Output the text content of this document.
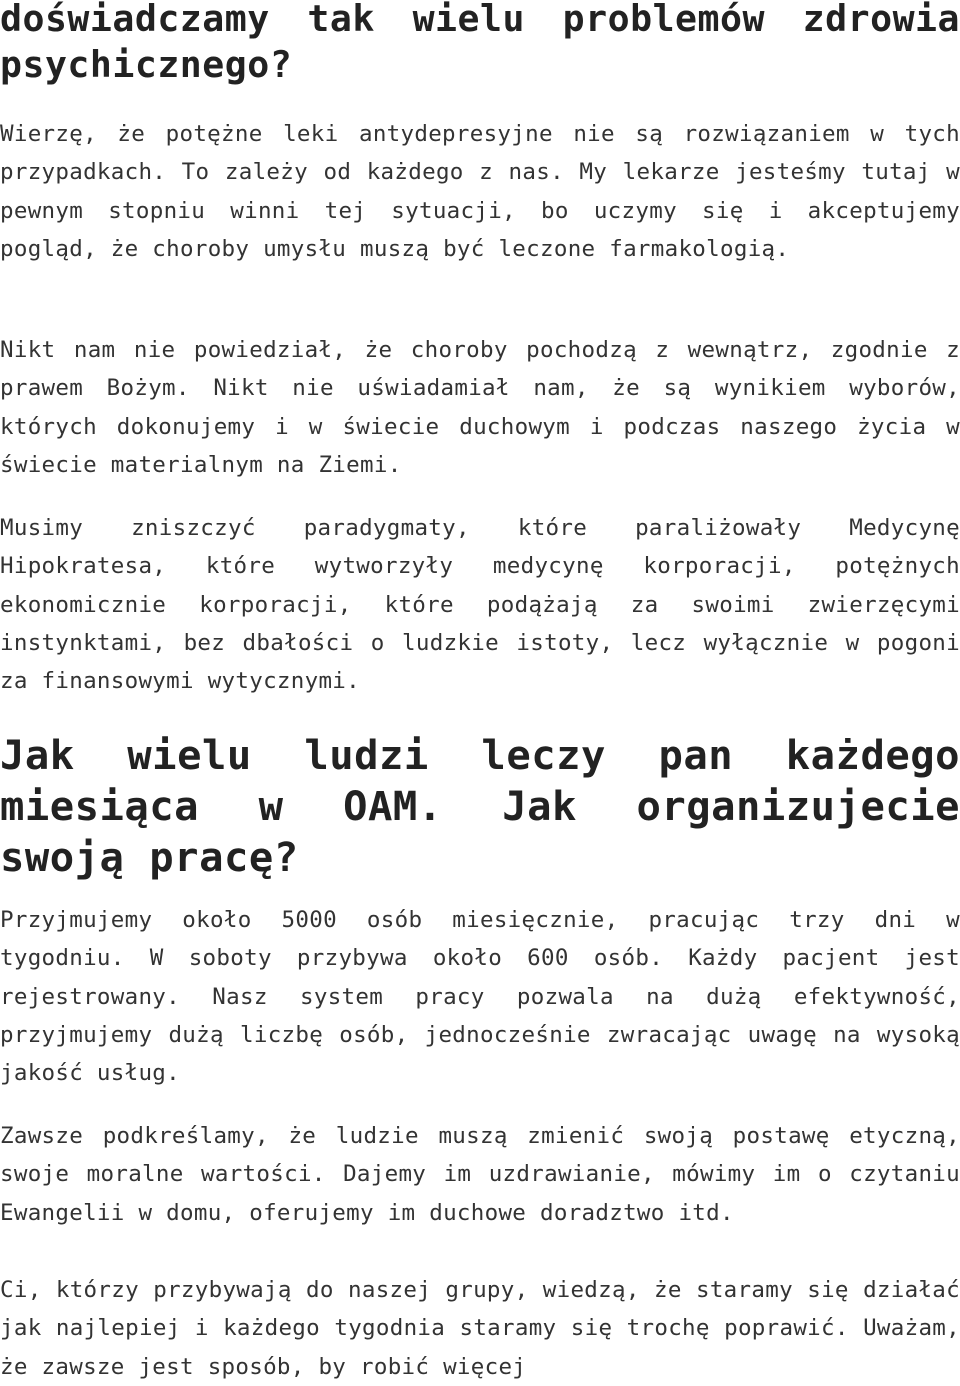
doświadczamy tak wielu problemów zdrowia psychicznego?

Wierzę, że potężne leki antydepresyjne nie są rozwiązaniem w tych przypadkach. To zależy od każdego z nas. My lekarze jesteśmy tutaj w pewnym stopniu winni tej sytuacji, bo uczymy się i akceptujemy pogląd, że choroby umysłu muszą być leczone farmakologią.

Nikt nam nie powiedział, że choroby pochodzą z wewnątrz, zgodnie z prawem Bożym. Nikt nie uświadamiał nam, że są wynikiem wyborów, których dokonujemy i w świecie duchowym i podczas naszego życia w świecie materialnym na Ziemi.

Musimy zniszczyć paradygmaty, które paraliżowały Medycynę Hipokratesa, które wytworzyły medycynę korporacji, potężnych ekonomicznie korporacji, które podążają za swoimi zwierzęcymi instynktami, bez dbałości o ludzkie istoty, lecz wyłącznie w pogoni za finansowymi wytycznymi.

Jak wielu ludzi leczy pan każdego miesiąca w OAM. Jak organizujecie swoją pracę?

Przyjmujemy około 5000 osób miesięcznie, pracując trzy dni w tygodniu. W soboty przybywa około 600 osób. Każdy pacjent jest rejestrowany. Nasz system pracy pozwala na dużą efektywność, przyjmujemy dużą liczbę osób, jednocześnie zwracając uwagę na wysoką jakość usług.

Zawsze podkreślamy, że ludzie muszą zmienić swoją postawę etyczną, swoje moralne wartości. Dajemy im uzdrawianie, mówimy im o czytaniu Ewangelii w domu, oferujemy im duchowe doradztwo itd.

Ci, którzy przybywają do naszej grupy, wiedzą, że staramy się działać jak najlepiej i każdego tygodnia staramy się trochę poprawić. Uważam, że zawsze jest sposób, by robić więcej
